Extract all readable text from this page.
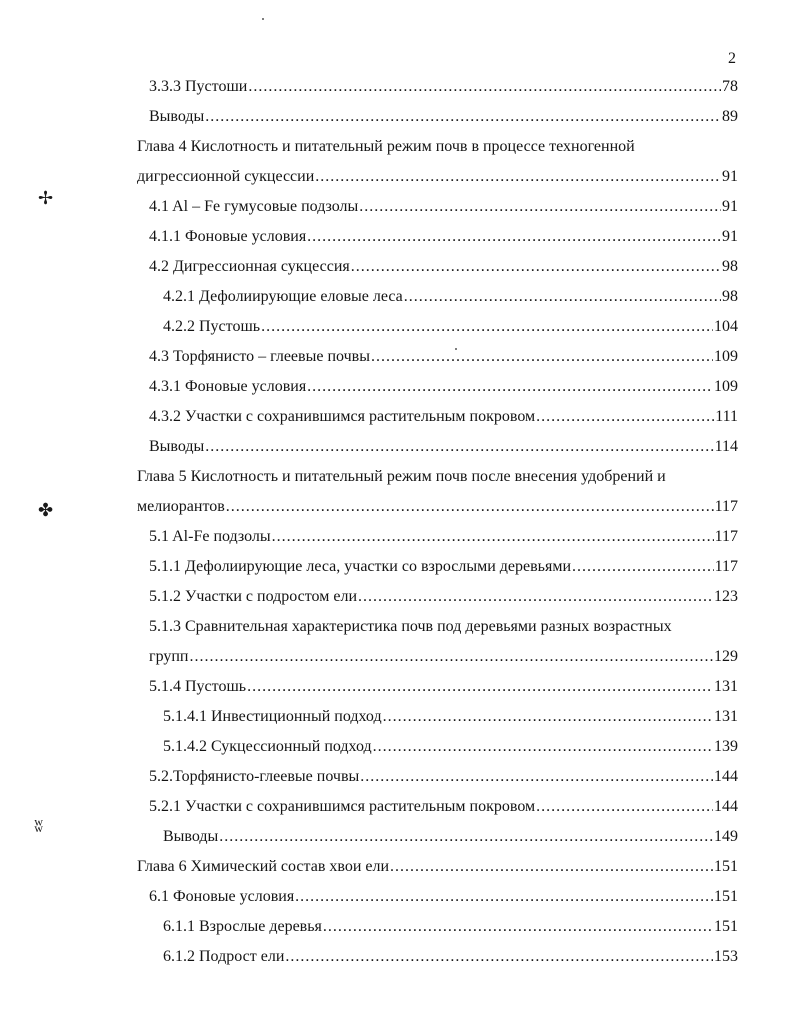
2
3.3.3 Пустоши .....	78
Выводы .....	89
Глава 4 Кислотность и питательный режим почв в процессе техногенной
дигрессионной сукцессии .....	91
4.1 Al – Fe гумусовые подзолы .....	91
4.1.1 Фоновые условия .....	91
4.2 Дигрессионная сукцессия .....	98
4.2.1 Дефолиирующие еловые леса .....	98
4.2.2 Пустошь .....	104
4.3 Торфянисто – глеевые почвы .....	109
4.3.1 Фоновые условия .....	109
4.3.2 Участки с сохранившимся растительным покровом .....	111
Выводы .....	114
Глава 5 Кислотность и питательный режим почв после внесения удобрений и
мелиорантов .....	117
5.1 Al-Fe подзолы .....	117
5.1.1 Дефолиирующие леса, участки со взрослыми деревьями .....	117
5.1.2 Участки с подростом ели .....	123
5.1.3 Сравнительная характеристика почв под деревьями разных возрастных
групп .....	129
5.1.4 Пустошь .....	131
5.1.4.1 Инвестиционный подход .....	131
5.1.4.2 Сукцессионный подход .....	139
5.2.Торфянисто-глеевые почвы .....	144
5.2.1 Участки с сохранившимся растительным покровом .....	144
Выводы .....	149
Глава 6 Химический состав хвои ели .....	151
6.1 Фоновые условия .....	151
6.1.1 Взрослые деревья .....	151
6.1.2 Подрост ели .....	153
✢
✤
ʬ
